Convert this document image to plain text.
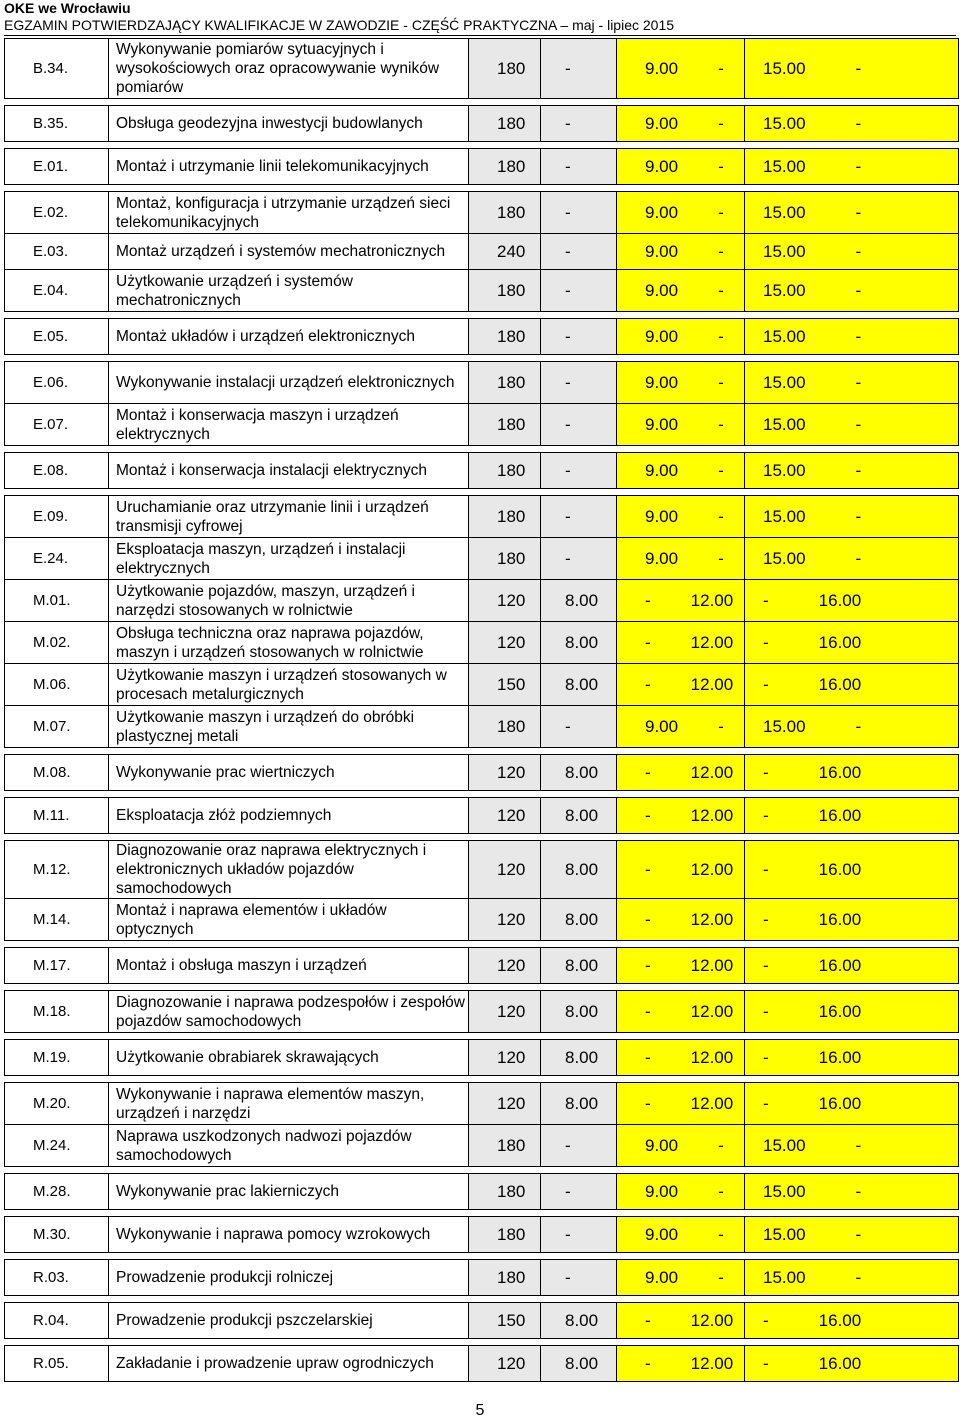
OKE we Wrocławiu
EGZAMIN POTWIERDZAJĄCY KWALIFIKACJE W ZAWODZIE - CZĘŚĆ PRAKTYCZNA – maj - lipiec 2015
B.34.	Wykonywanie pomiarów sytuacyjnych i wysokościowych oraz opracowywanie wyników pomiarów	180	-	9.00 -	15.00 -

B.35.	Obsługa geodezyjna inwestycji budowlanych	180	-	9.00 -	15.00 -

E.01.	Montaż i utrzymanie linii telekomunikacyjnych	180	-	9.00 -	15.00 -

E.02.	Montaż, konfiguracja i utrzymanie urządzeń sieci telekomunikacyjnych	180	-	9.00 -	15.00 -
E.03.	Montaż urządzeń i systemów mechatronicznych	240	-	9.00 -	15.00 -
E.04.	Użytkowanie urządzeń i systemów mechatronicznych	180	-	9.00 -	15.00 -

E.05.	Montaż układów i urządzeń elektronicznych	180	-	9.00 -	15.00 -

E.06.	Wykonywanie instalacji urządzeń elektronicznych	180	-	9.00 -	15.00 -
E.07.	Montaż i konserwacja maszyn i urządzeń elektrycznych	180	-	9.00 -	15.00 -

E.08.	Montaż i konserwacja instalacji elektrycznych	180	-	9.00 -	15.00 -

E.09.	Uruchamianie oraz utrzymanie linii i urządzeń transmisji cyfrowej	180	-	9.00 -	15.00 -
E.24.	Eksploatacja maszyn, urządzeń i instalacji elektrycznych	180	-	9.00 -	15.00 -
M.01.	Użytkowanie pojazdów, maszyn, urządzeń i narzędzi stosowanych w rolnictwie	120	8.00	- 12.00	- 16.00
M.02.	Obsługa techniczna oraz naprawa pojazdów, maszyn i urządzeń stosowanych w rolnictwie	120	8.00	- 12.00	- 16.00
M.06.	Użytkowanie maszyn i urządzeń stosowanych w procesach metalurgicznych	150	8.00	- 12.00	- 16.00
M.07.	Użytkowanie maszyn i urządzeń do obróbki plastycznej metali	180	-	9.00 -	15.00 -

M.08.	Wykonywanie prac wiertniczych	120	8.00	- 12.00	- 16.00

M.11.	Eksploatacja złóż podziemnych	120	8.00	- 12.00	- 16.00

M.12.	Diagnozowanie oraz naprawa elektrycznych i elektronicznych układów pojazdów samochodowych	120	8.00	- 12.00	- 16.00
M.14.	Montaż i naprawa elementów i układów optycznych	120	8.00	- 12.00	- 16.00

M.17.	Montaż i obsługa maszyn i urządzeń	120	8.00	- 12.00	- 16.00

M.18.	Diagnozowanie i naprawa podzespołów i zespołów pojazdów samochodowych	120	8.00	- 12.00	- 16.00

M.19.	Użytkowanie obrabiarek skrawających	120	8.00	- 12.00	- 16.00

M.20.	Wykonywanie i naprawa elementów maszyn, urządzeń i narzędzi	120	8.00	- 12.00	- 16.00
M.24.	Naprawa uszkodzonych nadwozi pojazdów samochodowych	180	-	9.00 -	15.00 -

M.28.	Wykonywanie prac lakierniczych	180	-	9.00 -	15.00 -

M.30.	Wykonywanie i naprawa pomocy wzrokowych	180	-	9.00 -	15.00 -

R.03.	Prowadzenie produkcji rolniczej	180	-	9.00 -	15.00 -

R.04.	Prowadzenie produkcji pszczelarskiej	150	8.00	- 12.00	- 16.00

R.05.	Zakładanie i prowadzenie upraw ogrodniczych	120	8.00	- 12.00	- 16.00
5
